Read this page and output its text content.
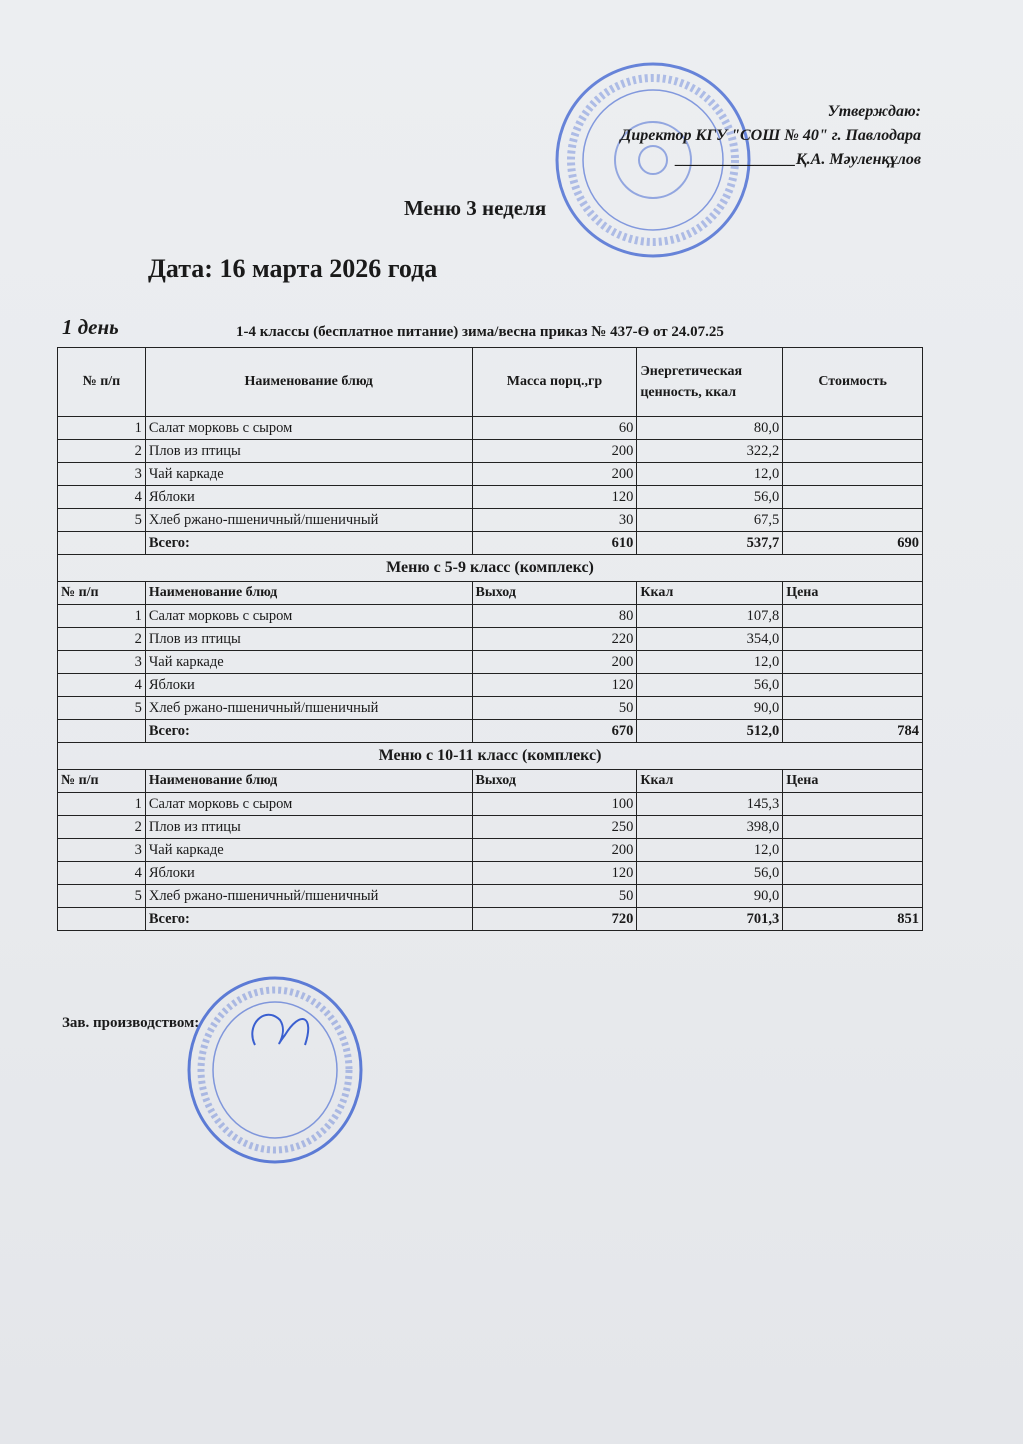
Утверждаю:
Директор КГУ "СОШ № 40" г. Павлодара
_______________Қ.А. Мәуленқұлов
Меню 3 неделя
Дата: 16 марта 2026 года
1 день	1-4 классы (бесплатное питание) зима/весна приказ № 437-Ө от 24.07.25
№ п/п	Наименование блюд	Масса порц.,гр	Энергетическая ценность, ккал	Стоимость
1	Салат морковь с сыром	60	80,0	
2	Плов из птицы	200	322,2	
3	Чай каркаде	200	12,0	
4	Яблоки	120	56,0	
5	Хлеб ржано-пшеничный/пшеничный	30	67,5	
	Всего:	610	537,7	690
Меню с 5-9 класс (комплекс)				
№ п/п	Наименование блюд	Выход	Ккал	Цена
1	Салат морковь с сыром	80	107,8	
2	Плов из птицы	220	354,0	
3	Чай каркаде	200	12,0	
4	Яблоки	120	56,0	
5	Хлеб ржано-пшеничный/пшеничный	50	90,0	
	Всего:	670	512,0	784
Меню с 10-11 класс (комплекс)				
№ п/п	Наименование блюд	Выход	Ккал	Цена
1	Салат морковь с сыром	100	145,3	
2	Плов из птицы	250	398,0	
3	Чай каркаде	200	12,0	
4	Яблоки	120	56,0	
5	Хлеб ржано-пшеничный/пшеничный	50	90,0	
	Всего:	720	701,3	851
Зав. производством:
